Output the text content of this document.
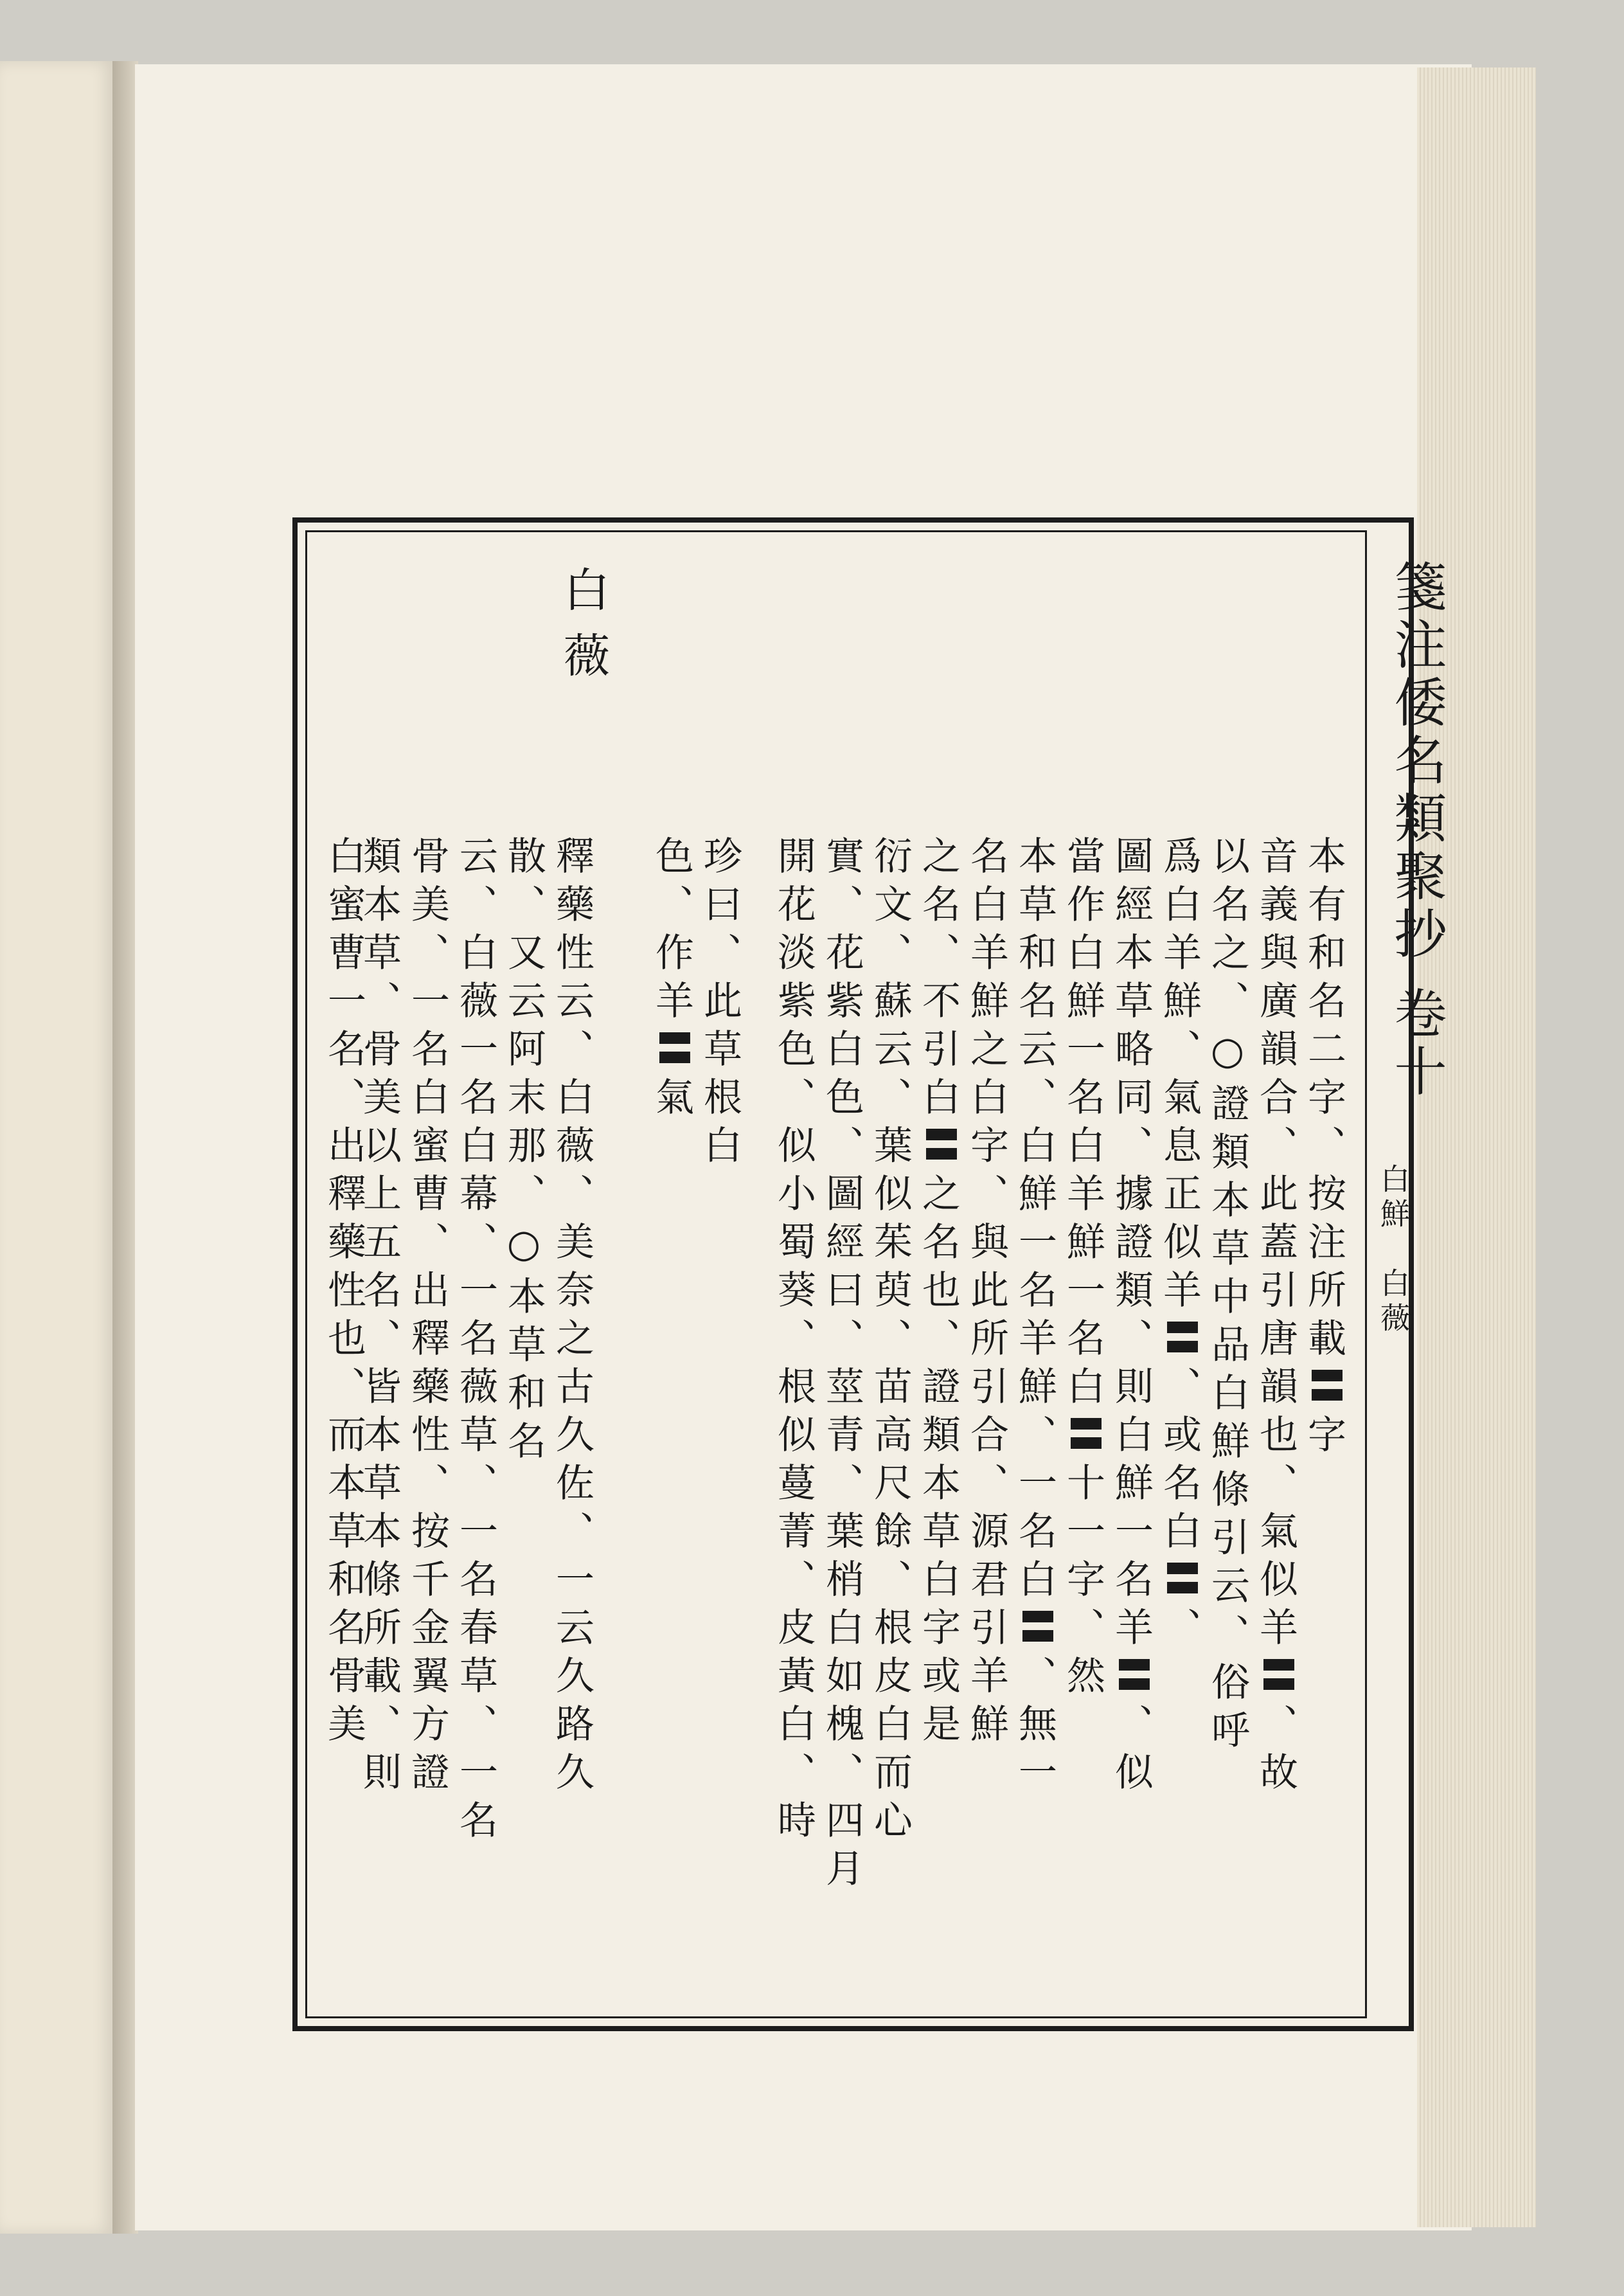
箋注倭名類聚抄 卷十
白鮮　白薇

本有和名二字、按注所載〓字

音義與廣韻合、此蓋引唐韻也、氣似羊〓、故

以名之、○證類本草中品白鮮條引云、俗呼

爲白羊鮮、氣息正似羊〓、或名白〓、

圖經本草略同、據證類、則白鮮一名羊〓、似

當作白鮮一名白羊鮮一名白〓十一字、然

本草和名云、白鮮一名羊鮮、一名白〓、無一

名白羊鮮之白字、與此所引合、源君引羊鮮

之名、不引白〓之名也、證類本草白字或是

衍文、蘇云、葉似茱萸、苗高尺餘、根皮白而心

實、花紫白色、圖經曰、莖青、葉梢白如槐、四月

開花淡紫色、似小蜀葵、根似蔓菁、皮黃白、時

珍曰、此草根白

色、作羊〓氣

白薇

釋藥性云、白薇、美奈之古久佐、一云久路久

散、又云阿末那、○本草和名

云、白薇一名白幕、一名薇草、一名春草、一名

骨美、一名白蜜曹、出釋藥性、按千金翼方證

類本草、骨美以上五名、皆本草本條所載、則

白蜜曹一名、出釋藥性也、而本草和名骨美
